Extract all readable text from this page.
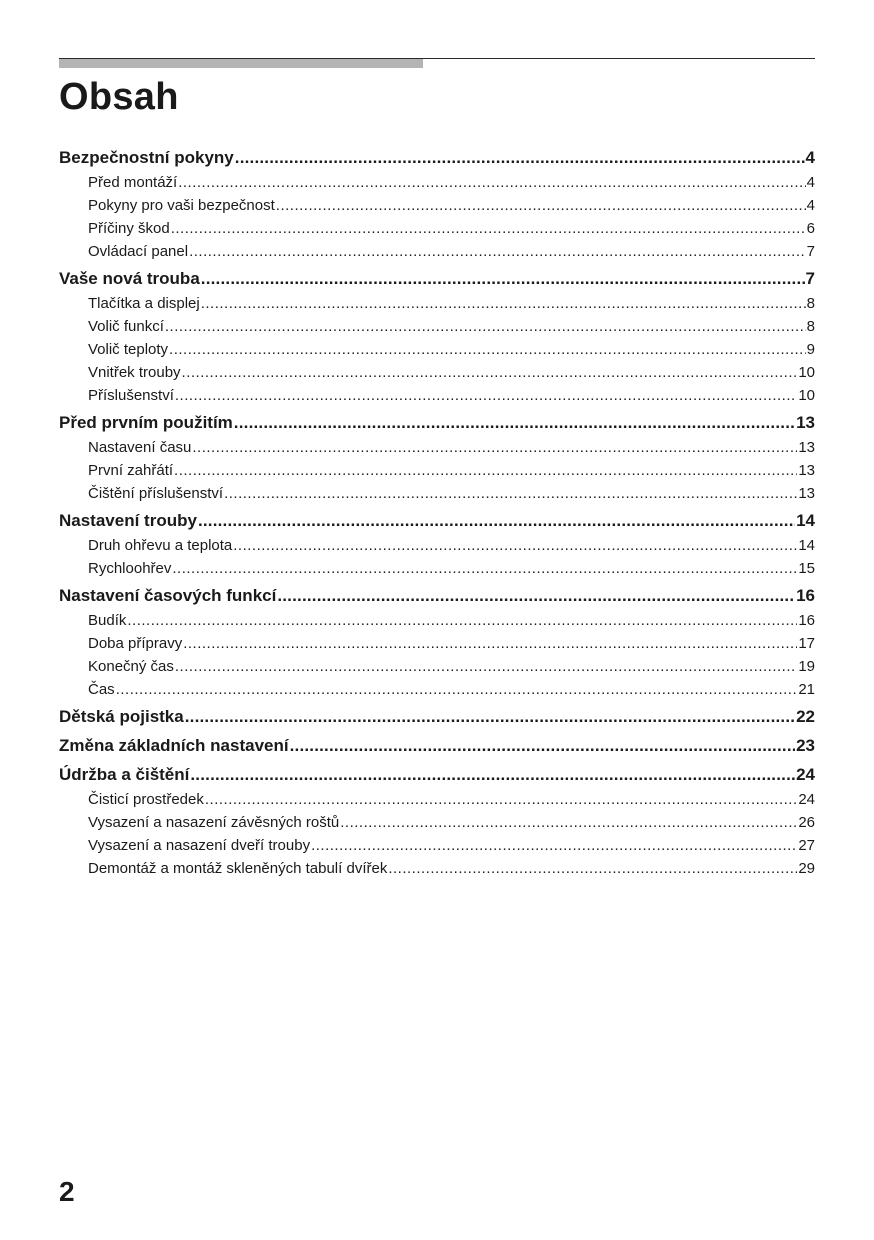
Obsah
Bezpečnostní pokyny .....	4
Před montáží .....	4
Pokyny pro vaši bezpečnost .....	4
Příčiny škod .....	6
Ovládací panel .....	7
Vaše nová trouba .....	7
Tlačítka a displej .....	8
Volič funkcí .....	8
Volič teploty .....	9
Vnitřek trouby .....	10
Příslušenství .....	10
Před prvním použitím .....	13
Nastavení času .....	13
První zahřátí .....	13
Čištění příslušenství .....	13
Nastavení trouby .....	14
Druh ohřevu a teplota .....	14
Rychloohřev .....	15
Nastavení časových funkcí .....	16
Budík .....	16
Doba přípravy .....	17
Konečný čas .....	19
Čas .....	21
Dětská pojistka .....	22
Změna základních nastavení .....	23
Údržba a čištění .....	24
Čisticí prostředek .....	24
Vysazení a nasazení závěsných roštů .....	26
Vysazení a nasazení dveří trouby .....	27
Demontáž a montáž skleněných tabulí dvířek .....	29
2
